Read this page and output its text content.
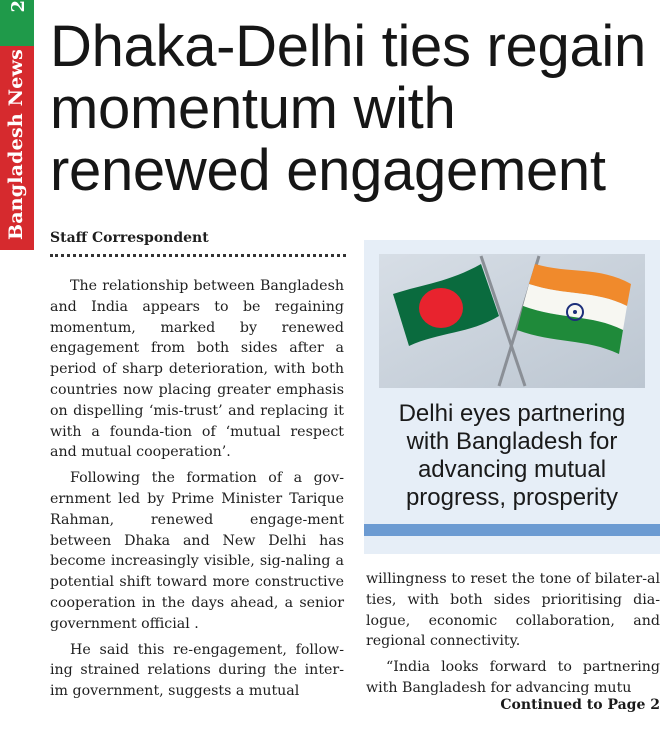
2
Bangladesh News
Dhaka-Delhi ties regain momentum with renewed engagement
Staff Correspondent

The relationship between Bangladesh and India appears to be regaining momentum, marked by renewed engagement from both sides after a period of sharp deterioration, with both countries now placing greater emphasis on dispelling ‘mis-trust’ and replacing it with a founda-tion of ‘mutual respect and mutual cooperation’.

Following the formation of a gov-ernment led by Prime Minister Tarique Rahman, renewed engage-ment between Dhaka and New Delhi has become increasingly visible, sig-naling a potential shift toward more constructive cooperation in the days ahead, a senior government official .

He said this re-engagement, follow-ing strained relations during the inter-im government, suggests a mutual

Delhi eyes partnering with Bangladesh for advancing mutual progress, prosperity

willingness to reset the tone of bilater-al ties, with both sides prioritising dia-logue, economic collaboration, and regional connectivity.

“India looks forward to partnering with Bangladesh for advancing mutu

Continued to Page 2
